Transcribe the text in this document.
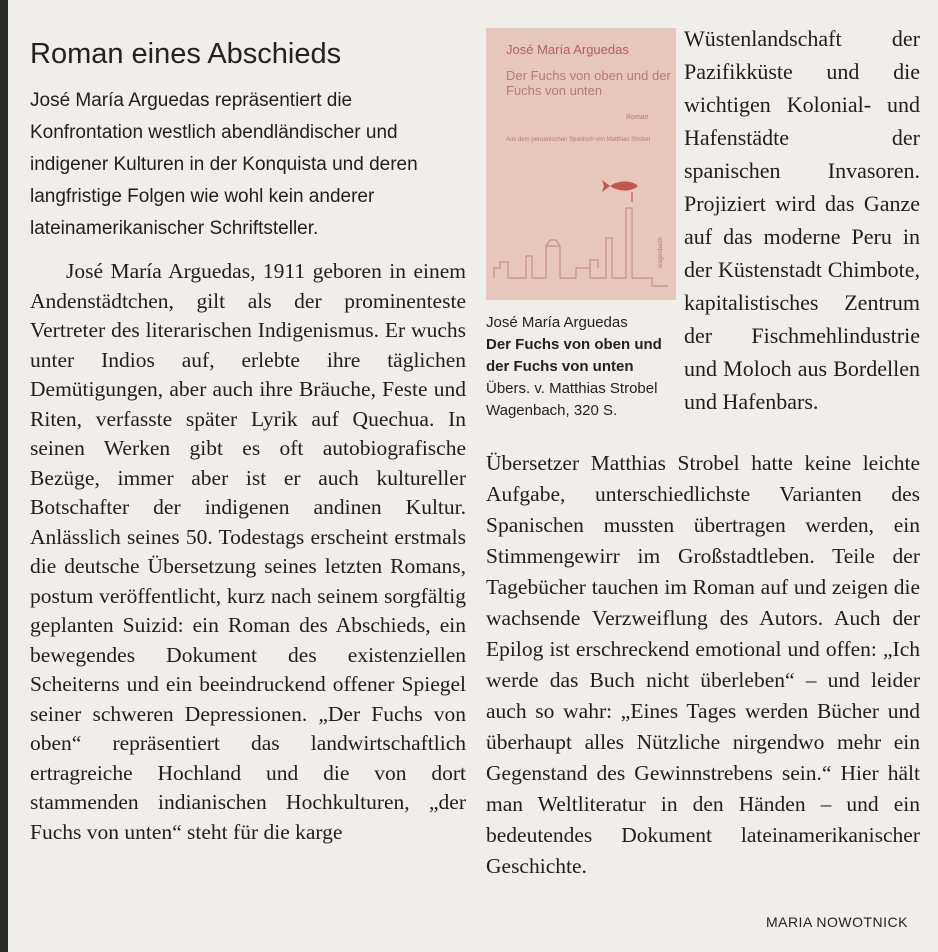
Roman eines Abschieds

José María Arguedas repräsentiert die Konfrontation westlich abendländischer und indigener Kulturen in der Konquista und deren langfristige Folgen wie wohl kein anderer lateinamerikanischer Schriftsteller.

José María Arguedas, 1911 geboren in einem Andenstädtchen, gilt als der prominenteste Vertreter des literarischen Indigenismus. Er wuchs unter Indios auf, erlebte ihre täglichen Demütigungen, aber auch ihre Bräuche, Feste und Riten, verfasste später Lyrik auf Quechua. In seinen Werken gibt es oft autobiografische Bezüge, immer aber ist er auch kultureller Botschafter der indigenen andinen Kultur. Anlässlich seines 50. Todestags erscheint erstmals die deutsche Übersetzung seines letzten Romans, postum veröffentlicht, kurz nach seinem sorgfältig geplanten Suizid: ein Roman des Abschieds, ein bewegendes Dokument des existenziellen Scheiterns und ein beeindruckend offener Spiegel seiner schweren Depressionen. „Der Fuchs von oben“ repräsentiert das landwirtschaftlich ertragreiche Hochland und die von dort stammenden indianischen Hochkulturen, „der Fuchs von unten“ steht für die karge

José María Arguedas
Der Fuchs von oben und der Fuchs von unten
Roman
Aus dem peruanischen Spanisch von Matthias Strobel
wagenbach
José María Arguedas
Der Fuchs von oben und der Fuchs von unten
Übers. v. Matthias Strobel
Wagenbach, 320 S.

Wüstenlandschaft der Pazifikküste und die wichtigen Kolonial- und Hafenstädte der spanischen Invasoren. Projiziert wird das Ganze auf das moderne Peru in der Küstenstadt Chimbote, kapitalistisches Zentrum der Fischmehlindustrie und Moloch aus Bordellen und Hafenbars.

Übersetzer Matthias Strobel hatte keine leichte Aufgabe, unterschiedlichste Varianten des Spanischen mussten übertragen werden, ein Stimmengewirr im Großstadtleben. Teile der Tagebücher tauchen im Roman auf und zeigen die wachsende Verzweiflung des Autors. Auch der Epilog ist erschreckend emotional und offen: „Ich werde das Buch nicht überleben“ – und leider auch so wahr: „Eines Tages werden Bücher und überhaupt alles Nützliche nirgendwo mehr ein Gegenstand des Gewinnstrebens sein.“ Hier hält man Weltliteratur in den Händen – und ein bedeutendes Dokument lateinamerikanischer Geschichte.

MARIA NOWOTNICK
